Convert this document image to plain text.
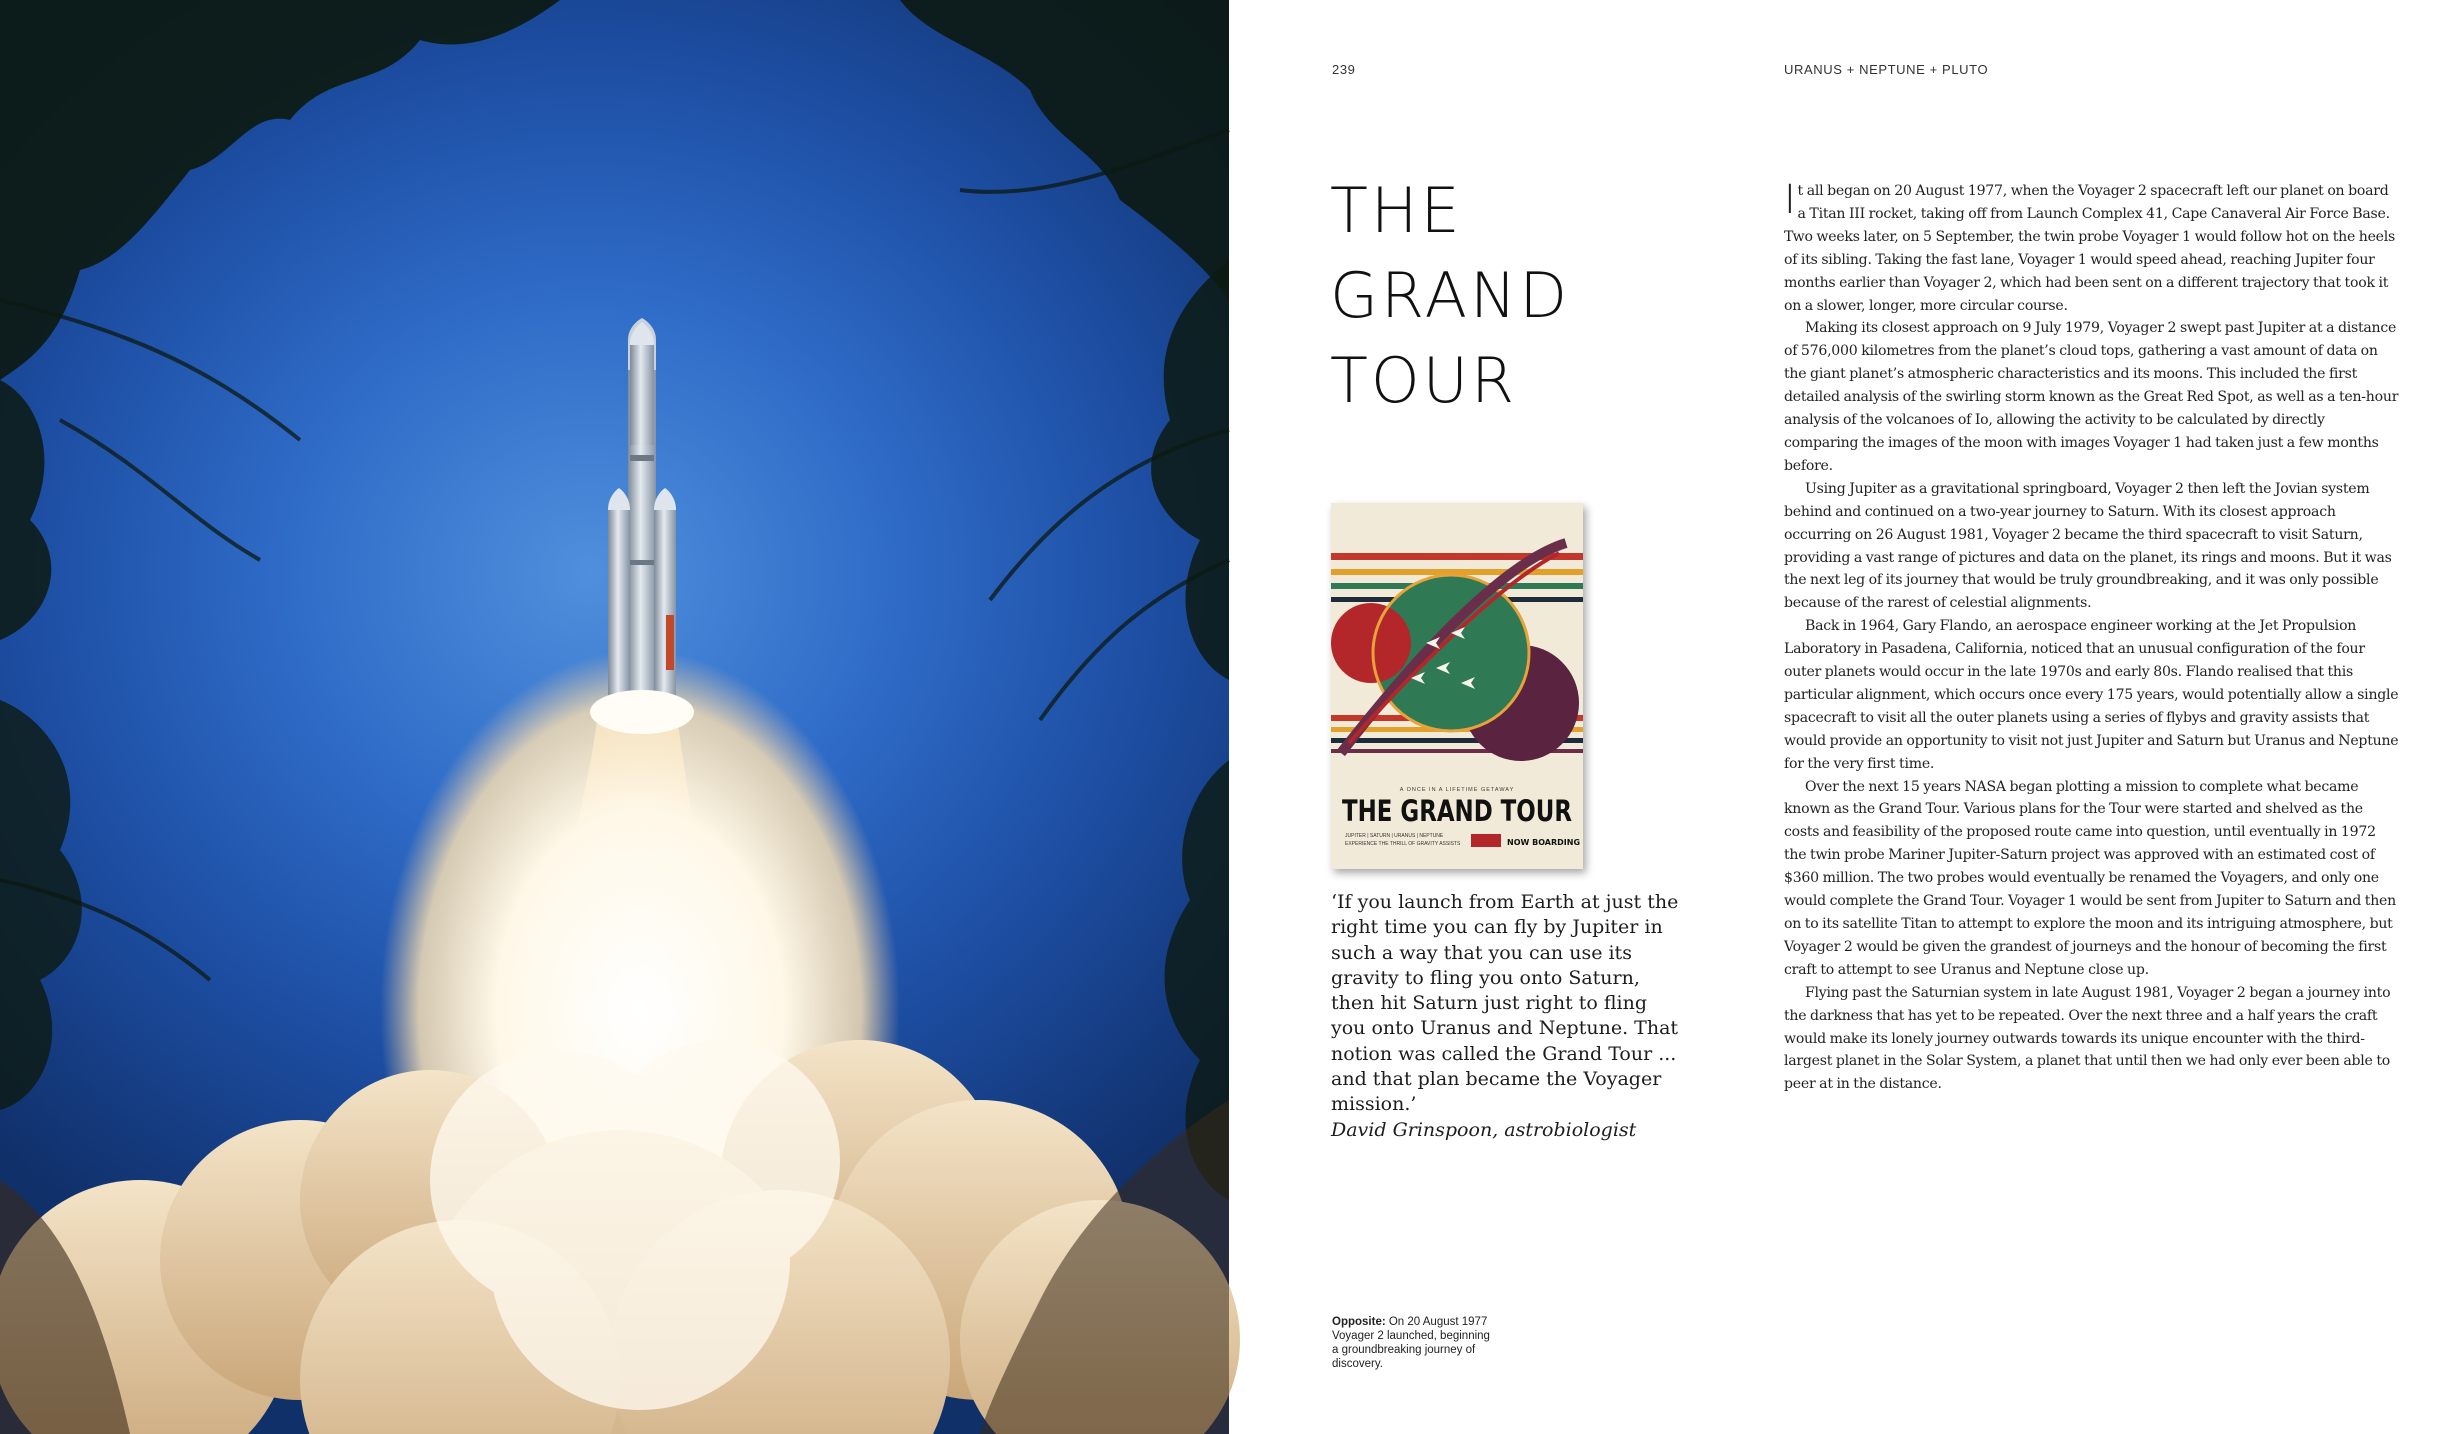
239	URANUS + NEPTUNE + PLUTO
THE
GRAND
TOUR
A ONCE IN A LIFETIME GETAWAY
THE GRAND TOUR
JUPITER | SATURN | URANUS | NEPTUNE
EXPERIENCE THE THRILL OF GRAVITY ASSISTS	NOW BOARDING
‘If you launch from Earth at just the right time you can fly by Jupiter in such a way that you can use its gravity to fling you onto Saturn, then hit Saturn just right to fling you onto Uranus and Neptune. That notion was called the Grand Tour ... and that plan became the Voyager mission.’
David Grinspoon, astrobiologist
Opposite: On 20 August 1977 Voyager 2 launched, beginning a groundbreaking journey of discovery.

It all began on 20 August 1977, when the Voyager 2 spacecraft left our planet on board a Titan III rocket, taking off from Launch Complex 41, Cape Canaveral Air Force Base. Two weeks later, on 5 September, the twin probe Voyager 1 would follow hot on the heels of its sibling. Taking the fast lane, Voyager 1 would speed ahead, reaching Jupiter four months earlier than Voyager 2, which had been sent on a different trajectory that took it on a slower, longer, more circular course.

Making its closest approach on 9 July 1979, Voyager 2 swept past Jupiter at a distance of 576,000 kilometres from the planet’s cloud tops, gathering a vast amount of data on the giant planet’s atmospheric characteristics and its moons. This included the first detailed analysis of the swirling storm known as the Great Red Spot, as well as a ten-hour analysis of the volcanoes of Io, allowing the activity to be calculated by directly comparing the images of the moon with images Voyager 1 had taken just a few months before.

Using Jupiter as a gravitational springboard, Voyager 2 then left the Jovian system behind and continued on a two-year journey to Saturn. With its closest approach occurring on 26 August 1981, Voyager 2 became the third spacecraft to visit Saturn, providing a vast range of pictures and data on the planet, its rings and moons. But it was the next leg of its journey that would be truly groundbreaking, and it was only possible because of the rarest of celestial alignments.

Back in 1964, Gary Flando, an aerospace engineer working at the Jet Propulsion Laboratory in Pasadena, California, noticed that an unusual configuration of the four outer planets would occur in the late 1970s and early 80s. Flando realised that this particular alignment, which occurs once every 175 years, would potentially allow a single spacecraft to visit all the outer planets using a series of flybys and gravity assists that would provide an opportunity to visit not just Jupiter and Saturn but Uranus and Neptune for the very first time.

Over the next 15 years NASA began plotting a mission to complete what became known as the Grand Tour. Various plans for the Tour were started and shelved as the costs and feasibility of the proposed route came into question, until eventually in 1972 the twin probe Mariner Jupiter-Saturn project was approved with an estimated cost of $360 million. The two probes would eventually be renamed the Voyagers, and only one would complete the Grand Tour. Voyager 1 would be sent from Jupiter to Saturn and then on to its satellite Titan to attempt to explore the moon and its intriguing atmosphere, but Voyager 2 would be given the grandest of journeys and the honour of becoming the first craft to attempt to see Uranus and Neptune close up.

Flying past the Saturnian system in late August 1981, Voyager 2 began a journey into the darkness that has yet to be repeated. Over the next three and a half years the craft would make its lonely journey outwards towards its unique encounter with the third-largest planet in the Solar System, a planet that until then we had only ever been able to peer at in the distance.
